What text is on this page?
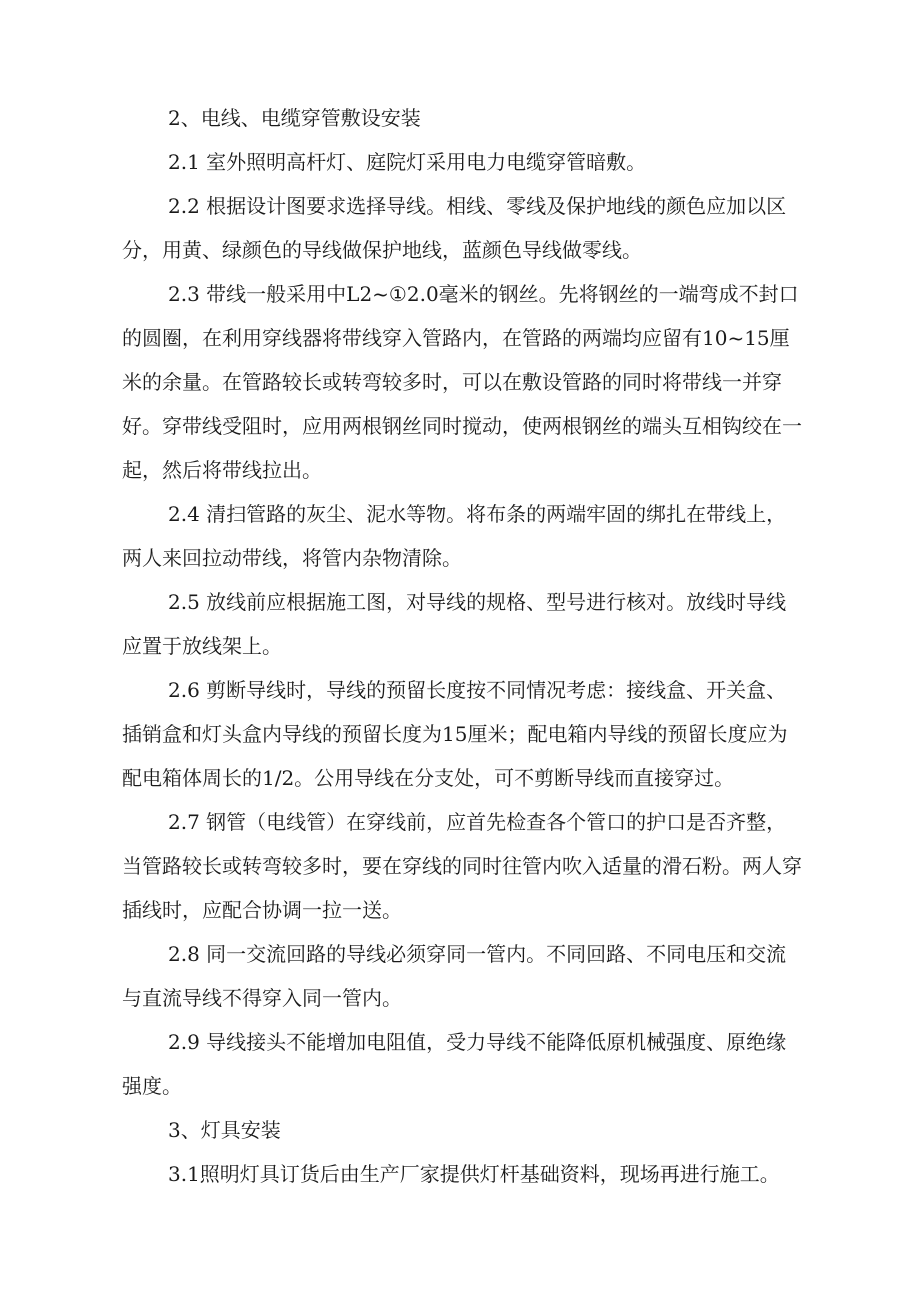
2、电线、电缆穿管敷设安装

2.1 室外照明高杆灯、庭院灯采用电力电缆穿管暗敷。

2.2 根据设计图要求选择导线。相线、零线及保护地线的颜色应加以区分，用黄、绿颜色的导线做保护地线，蓝颜色导线做零线。

2.3 带线一般采用中L2~①2.0毫米的钢丝。先将钢丝的一端弯成不封口的圆圈，在利用穿线器将带线穿入管路内，在管路的两端均应留有10~15厘米的余量。在管路较长或转弯较多时，可以在敷设管路的同时将带线一并穿好。穿带线受阻时，应用两根钢丝同时搅动，使两根钢丝的端头互相钩绞在一起，然后将带线拉出。

2.4 清扫管路的灰尘、泥水等物。将布条的两端牢固的绑扎在带线上，两人来回拉动带线，将管内杂物清除。

2.5 放线前应根据施工图，对导线的规格、型号进行核对。放线时导线应置于放线架上。

2.6 剪断导线时，导线的预留长度按不同情况考虑：接线盒、开关盒、插销盒和灯头盒内导线的预留长度为15厘米；配电箱内导线的预留长度应为配电箱体周长的1/2。公用导线在分支处，可不剪断导线而直接穿过。

2.7 钢管（电线管）在穿线前，应首先检查各个管口的护口是否齐整，当管路较长或转弯较多时，要在穿线的同时往管内吹入适量的滑石粉。两人穿插线时，应配合协调一拉一送。

2.8 同一交流回路的导线必须穿同一管内。不同回路、不同电压和交流与直流导线不得穿入同一管内。

2.9 导线接头不能增加电阻值，受力导线不能降低原机械强度、原绝缘强度。

3、灯具安装

3.1照明灯具订货后由生产厂家提供灯杆基础资料，现场再进行施工。
